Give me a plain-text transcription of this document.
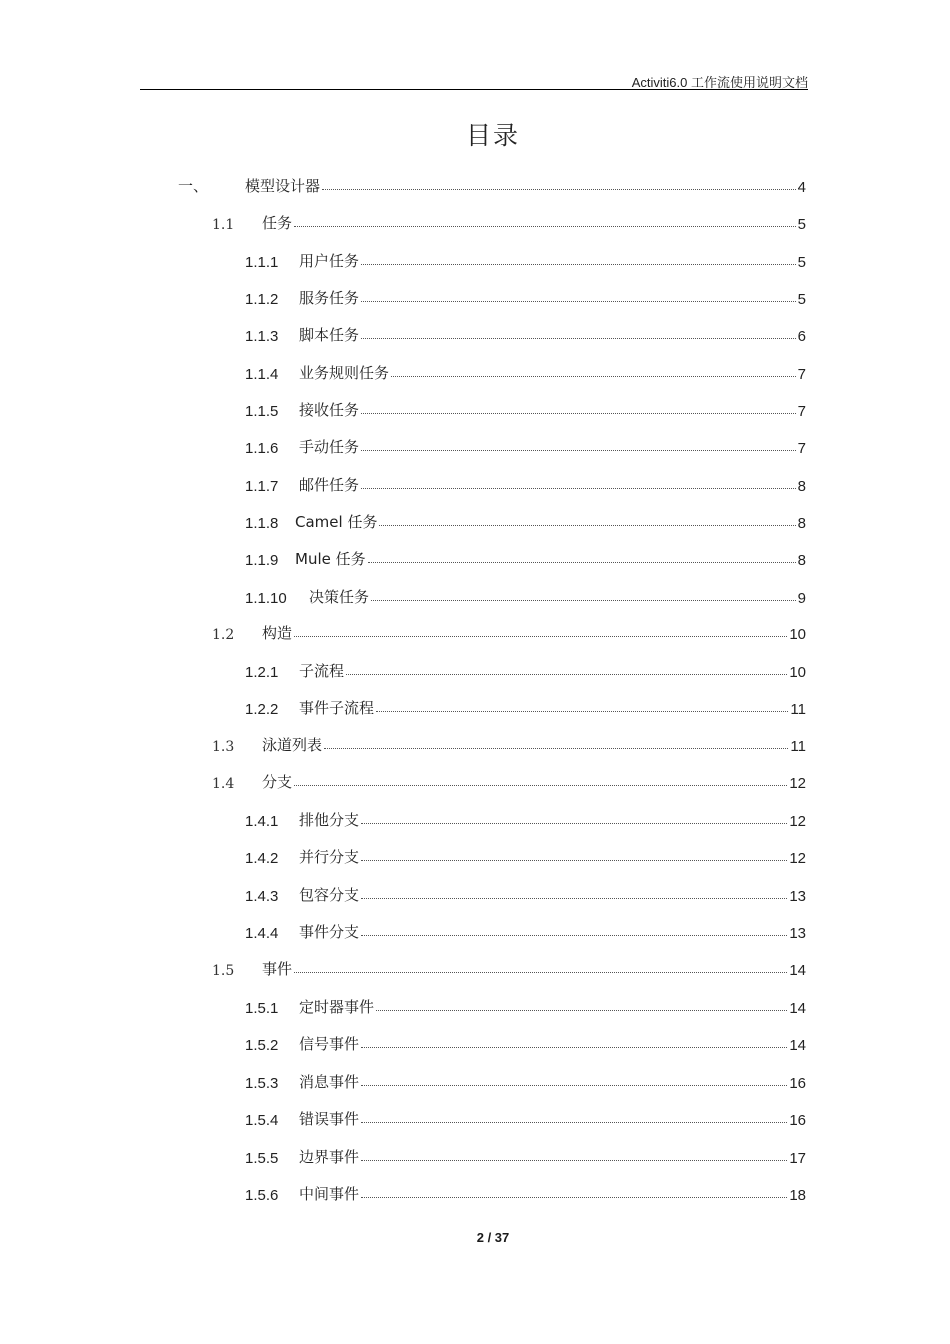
Activiti6.0 工作流使用说明文档
目录
一、	模型设计器	4
1.1	任务	5
1.1.1	用户任务	5
1.1.2	服务任务	5
1.1.3	脚本任务	6
1.1.4	业务规则任务	7
1.1.5	接收任务	7
1.1.6	手动任务	7
1.1.7	邮件任务	8
1.1.8	Camel 任务	8
1.1.9	Mule 任务	8
1.1.10	决策任务	9
1.2	构造	10
1.2.1	子流程	10
1.2.2	事件子流程	11
1.3	泳道列表	11
1.4	分支	12
1.4.1	排他分支	12
1.4.2	并行分支	12
1.4.3	包容分支	13
1.4.4	事件分支	13
1.5	事件	14
1.5.1	定时器事件	14
1.5.2	信号事件	14
1.5.3	消息事件	16
1.5.4	错误事件	16
1.5.5	边界事件	17
1.5.6	中间事件	18
2 / 37
